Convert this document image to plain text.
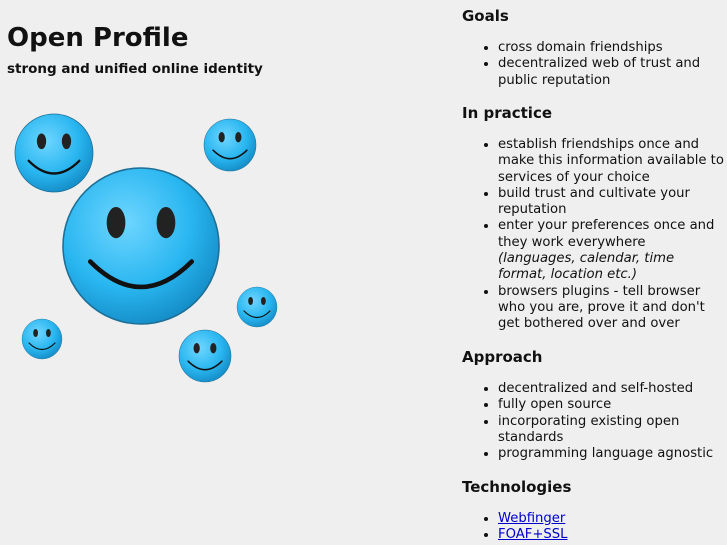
Open Profile

strong and unified online identity

Goals
• cross domain friendships
• decentralized web of trust and public reputation
In practice
• establish friendships once and make this information available to services of your choice
• build trust and cultivate your reputation
• enter your preferences once and they work everywhere
(languages, calendar, time format, location etc.)
• browsers plugins - tell browser who you are, prove it and don't get bothered over and over
Approach
• decentralized and self-hosted
• fully open source
• incorporating existing open standards
• programming language agnostic
Technologies
• Webfinger
• FOAF+SSL
